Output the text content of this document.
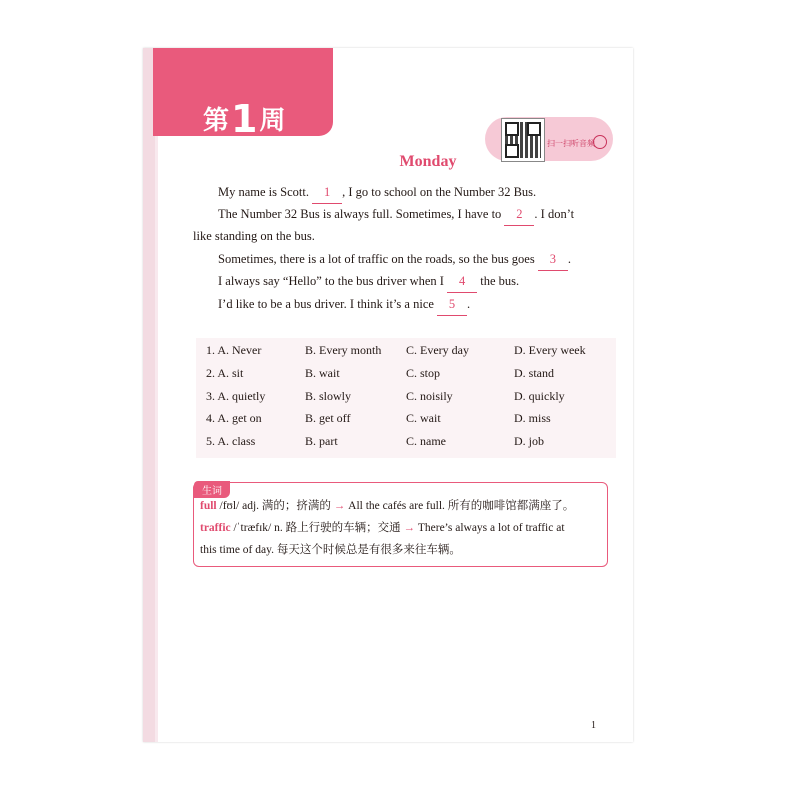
第1周
扫一扫听音频
Monday
My name is Scott. 1 , I go to school on the Number 32 Bus.
The Number 32 Bus is always full. Sometimes, I have to 2 . I don’t
like standing on the bus.
Sometimes, there is a lot of traffic on the roads, so the bus goes 3 .
I always say “Hello” to the bus driver when I 4 the bus.
I’d like to be a bus driver. I think it’s a nice 5 .
1. A. Never	B. Every month C. Every day	D. Every week
2. A. sit	B. wait	C. stop	D. stand
3. A. quietly	B. slowly	C. noisily	D. quickly
4. A. get on	B. get off	C. wait	D. miss
5. A. class	B. part	C. name	D. job
生词
full /fʊl/ adj. 满的；挤满的 → All the cafés are full. 所有的咖啡馆都满座了。
traffic /ˈtræfɪk/ n. 路上行驶的车辆；交通 → There’s always a lot of traffic at
this time of day. 每天这个时候总是有很多来往车辆。
1
